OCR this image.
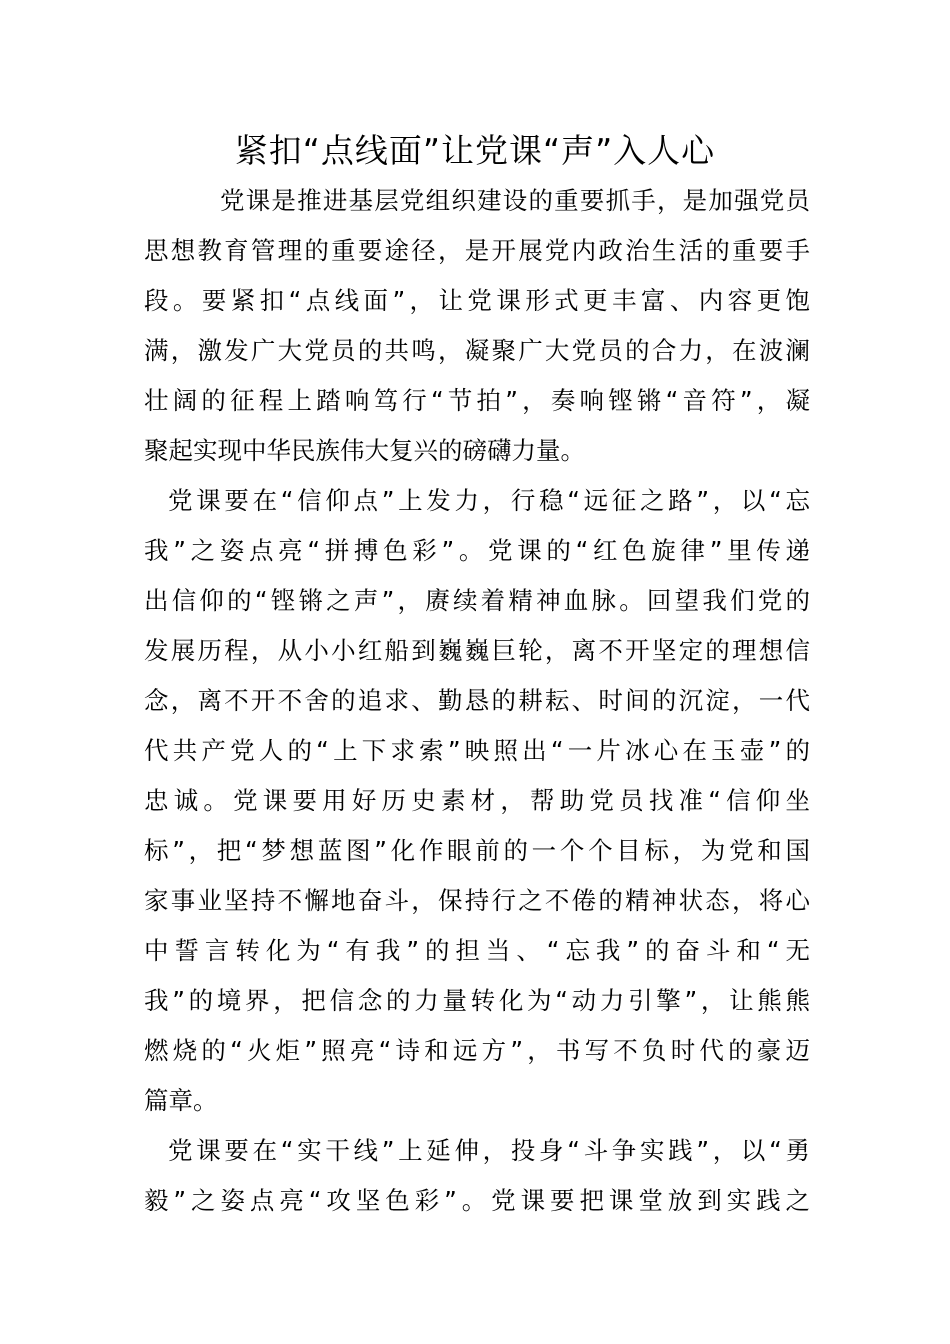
紧扣“点线面”让党课“声”入人心
党课是推进基层党组织建设的重要抓手，是加强党员
思想教育管理的重要途径，是开展党内政治生活的重要手
段。要紧扣“点线面”，让党课形式更丰富、内容更饱
满，激发广大党员的共鸣，凝聚广大党员的合力，在波澜
壮阔的征程上踏响笃行“节拍”，奏响铿锵“音符”，凝
聚起实现中华民族伟大复兴的磅礴力量。
党课要在“信仰点”上发力，行稳“远征之路”，以“忘
我”之姿点亮“拼搏色彩”。党课的“红色旋律”里传递
出信仰的“铿锵之声”，赓续着精神血脉。回望我们党的
发展历程，从小小红船到巍巍巨轮，离不开坚定的理想信
念，离不开不舍的追求、勤恳的耕耘、时间的沉淀，一代
代共产党人的“上下求索”映照出“一片冰心在玉壶”的
忠诚。党课要用好历史素材，帮助党员找准“信仰坐
标”，把“梦想蓝图”化作眼前的一个个目标，为党和国
家事业坚持不懈地奋斗，保持行之不倦的精神状态，将心
中誓言转化为“有我”的担当、“忘我”的奋斗和“无
我”的境界，把信念的力量转化为“动力引擎”，让熊熊
燃烧的“火炬”照亮“诗和远方”，书写不负时代的豪迈
篇章。
党课要在“实干线”上延伸，投身“斗争实践”，以“勇
毅”之姿点亮“攻坚色彩”。党课要把课堂放到实践之
